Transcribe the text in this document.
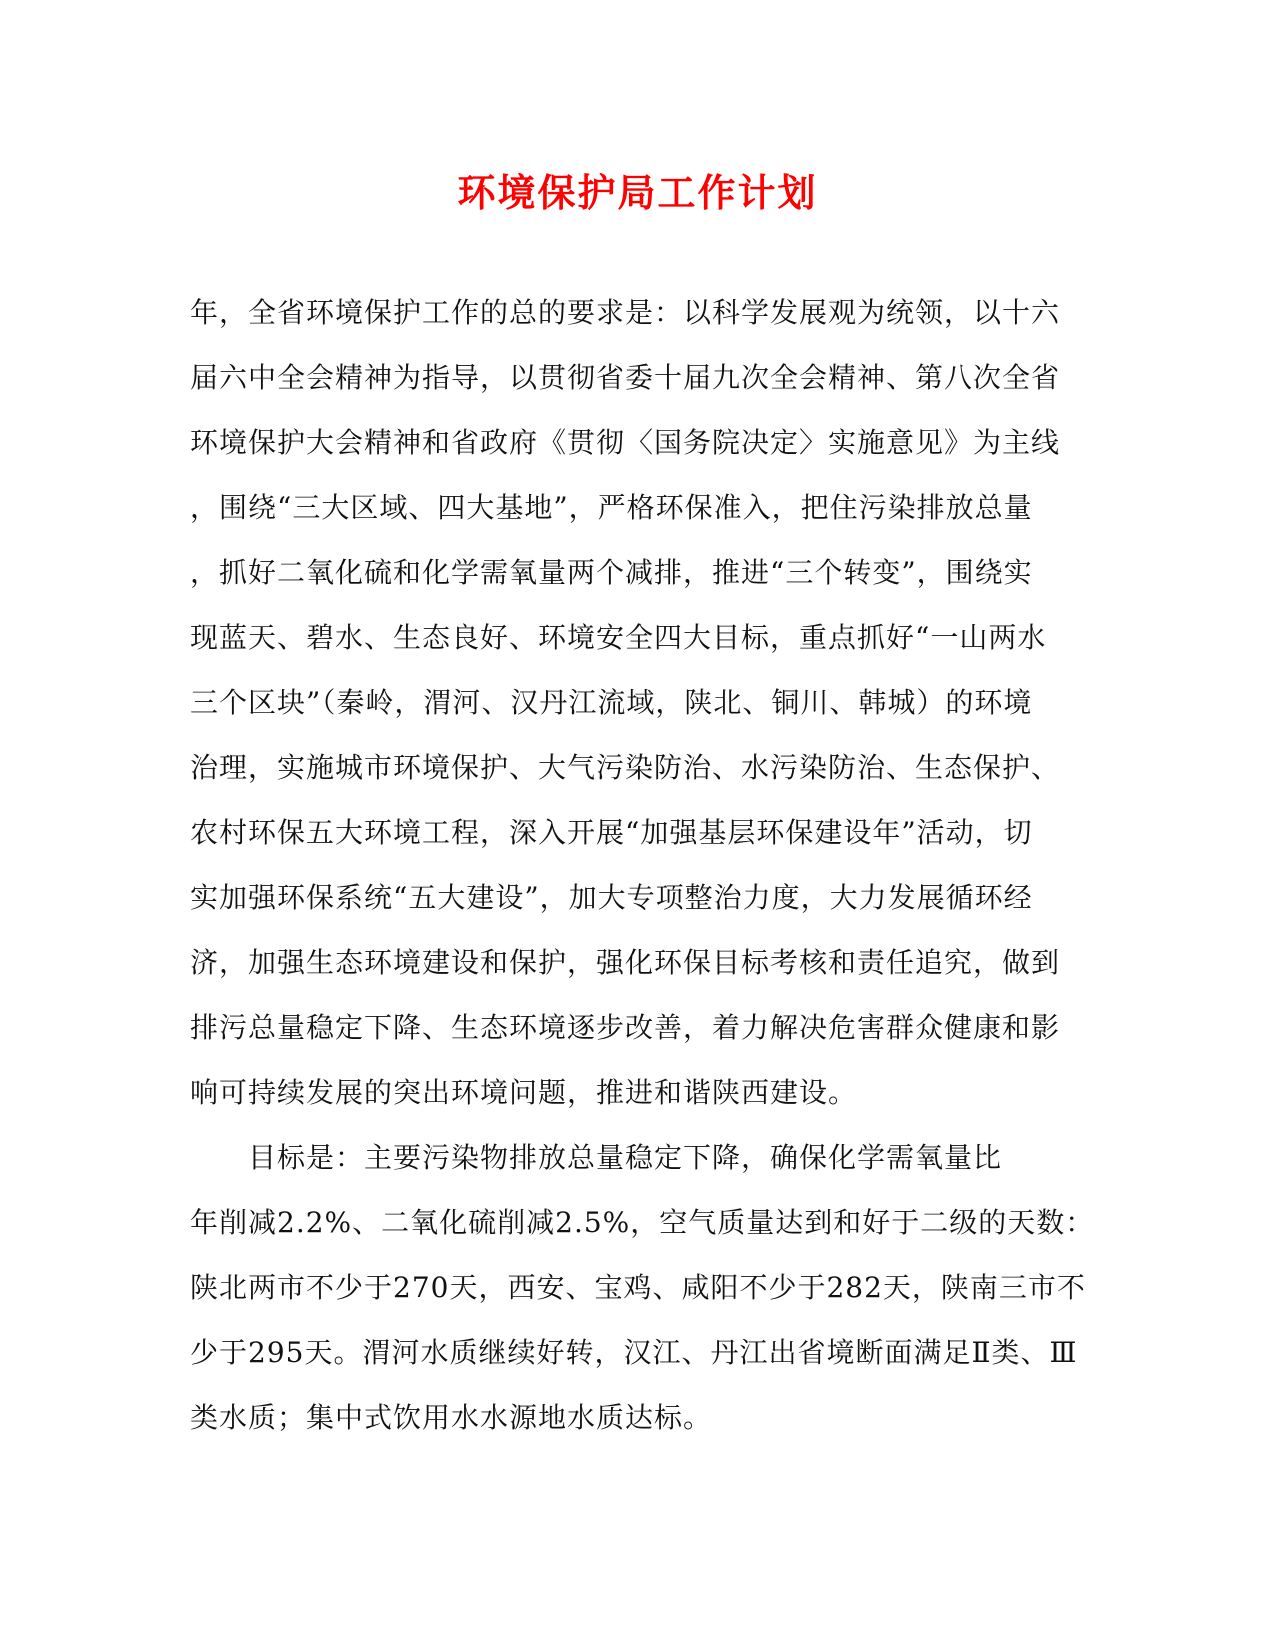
环境保护局工作计划
年，全省环境保护工作的总的要求是：以科学发展观为统领，以十六
届六中全会精神为指导，以贯彻省委十届九次全会精神、第八次全省
环境保护大会精神和省政府《贯彻〈国务院决定〉实施意见》为主线
，围绕“三大区域、四大基地”，严格环保准入，把住污染排放总量
，抓好二氧化硫和化学需氧量两个减排，推进“三个转变”，围绕实
现蓝天、碧水、生态良好、环境安全四大目标，重点抓好“一山两水
三个区块”（秦岭，渭河、汉丹江流域，陕北、铜川、韩城）的环境
治理，实施城市环境保护、大气污染防治、水污染防治、生态保护、
农村环保五大环境工程，深入开展“加强基层环保建设年”活动，切
实加强环保系统“五大建设”，加大专项整治力度，大力发展循环经
济，加强生态环境建设和保护，强化环保目标考核和责任追究，做到
排污总量稳定下降、生态环境逐步改善，着力解决危害群众健康和影
响可持续发展的突出环境问题，推进和谐陕西建设。
目标是：主要污染物排放总量稳定下降，确保化学需氧量比
年削减2.2%、二氧化硫削减2.5%，空气质量达到和好于二级的天数：
陕北两市不少于270天，西安、宝鸡、咸阳不少于282天，陕南三市不
少于295天。渭河水质继续好转，汉江、丹江出省境断面满足Ⅱ类、Ⅲ
类水质；集中式饮用水水源地水质达标。
